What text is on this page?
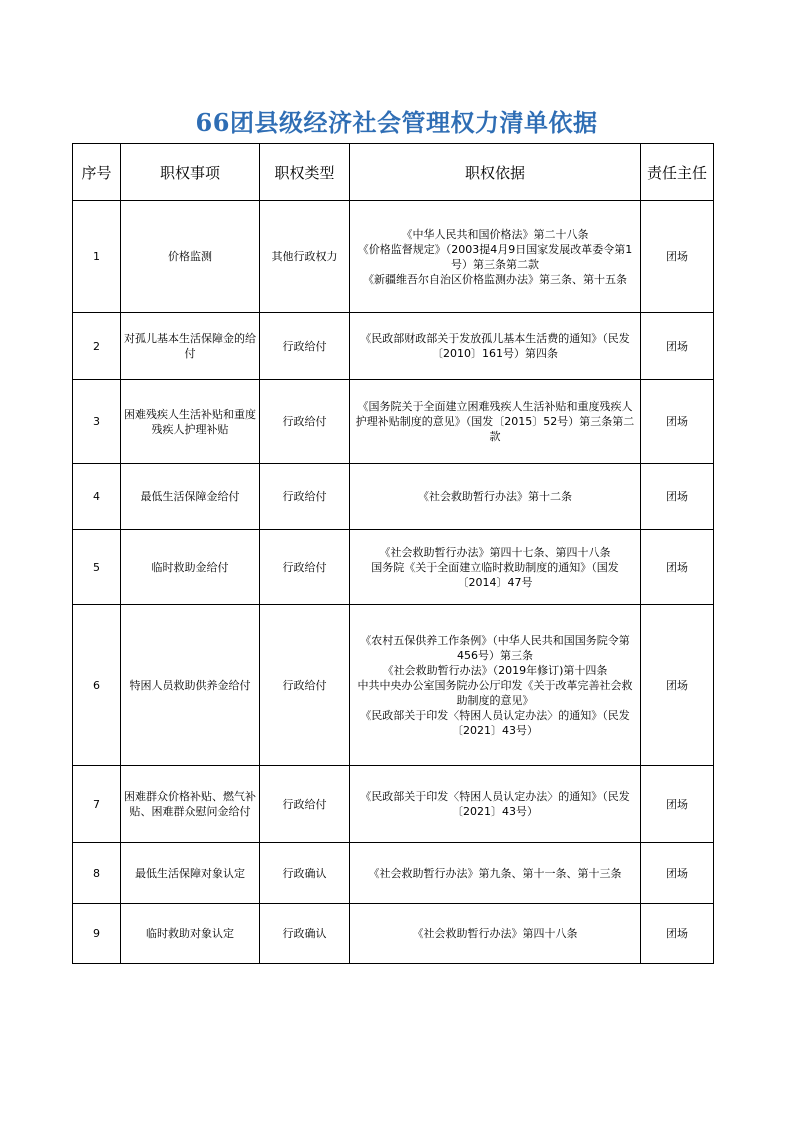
66团县级经济社会管理权力清单依据
序号	职权事项	职权类型	职权依据	责任主任
1	价格监测	其他行政权力	《中华人民共和国价格法》第二十八条
《价格监督规定》（2003提4月9日国家发展改革委令第1号）第三条第二款
《新疆维吾尔自治区价格监测办法》第三条、第十五条	团场
2	对孤儿基本生活保障金的给付	行政给付	《民政部财政部关于发放孤儿基本生活费的通知》（民发〔2010〕161号）第四条	团场
3	困难残疾人生活补贴和重度残疾人护理补贴	行政给付	《国务院关于全面建立困难残疾人生活补贴和重度残疾人护理补贴制度的意见》（国发〔2015〕52号）第三条第二款	团场
4	最低生活保障金给付	行政给付	《社会救助暂行办法》第十二条	团场
5	临时救助金给付	行政给付	《社会救助暂行办法》第四十七条、第四十八条
国务院《关于全面建立临时救助制度的通知》（国发〔2014〕47号	团场
6	特困人员救助供养金给付	行政给付	《农村五保供养工作条例》（中华人民共和国国务院令第456号）第三条
《社会救助暂行办法》（2019年修订)第十四条
中共中央办公室国务院办公厅印发《关于改革完善社会救助制度的意见》
《民政部关于印发〈特困人员认定办法〉的通知》（民发〔2021〕43号）	团场
7	困难群众价格补贴、燃气补贴、困难群众慰问金给付	行政给付	《民政部关于印发〈特困人员认定办法〉的通知》（民发〔2021〕43号）	团场
8	最低生活保障对象认定	行政确认	《社会救助暂行办法》第九条、第十一条、第十三条	团场
9	临时救助对象认定	行政确认	《社会救助暂行办法》第四十八条	团场
